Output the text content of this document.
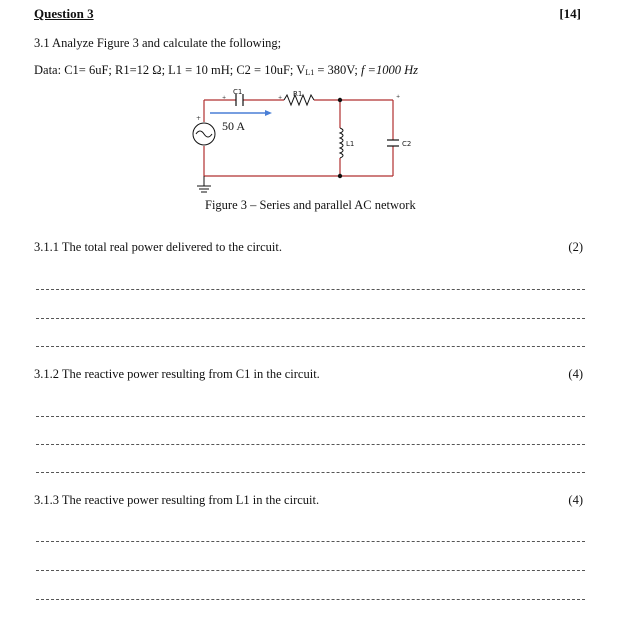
Question 3	[14]
3.1 Analyze Figure 3 and calculate the following;
Data: C1= 6uF; R1=12 Ω; L1 = 10 mH; C2 = 10uF; $V_{L1} = 380V$; f =1000 Hz
+
C1	R1
L1	C2
50 A
+	+	+
Figure 3 – Series and parallel AC network
3.1.1 The total real power delivered to the circuit.	(2)
3.1.2 The reactive power resulting from C1 in the circuit.	(4)
3.1.3 The reactive power resulting from L1 in the circuit.	(4)
